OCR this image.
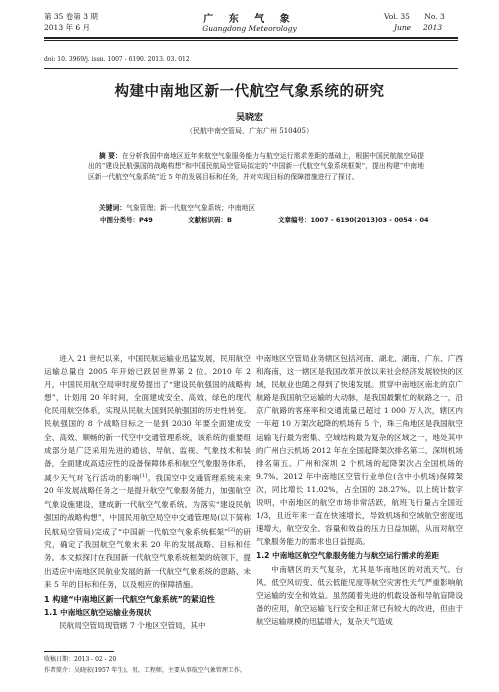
第 35 卷第 3 期
2013 年 6 月
广 东 气 象
Guangdong Meteorology
Vol. 35      No. 3
June     2013
doi: 10. 3969/j. issn. 1007 - 6190. 2013. 03. 012
构建中南地区新一代航空气象系统的研究
吴晓宏
（民航中南空管局，广东广州 510405）
摘 要：在分析我国中南地区近年来航空气象服务能力与航空运行需求差距的基础上，根据中国民航航空局提出的“建设民航强国的战略构想”和中国民航局空管局拟定的“中国新一代航空气象系统框架”，提出构建“中南地区新一代航空气象系统”近 5 年的发展目标和任务，并对实现目标的保障措施进行了探讨。
关键词：气象管理；新一代航空气象系统；中南地区
中图分类号：P49	文献标识码：B	文章编号：1007 - 6190(2013)03 - 0054 - 04

进入 21 世纪以来，中国民航运输业迅猛发展，民用航空运输总量自 2005 年开始已跃居世界第 2 位。2010 年 2 月，中国民用航空局审时度势提出了“建设民航强国的战略构想”，计划用 20 年时间，全面建成安全、高效、绿色的现代化民用航空体系，实现从民航大国到民航强国的历史性转变。民航强国的 8 个战略目标之一是到 2030 年要全面建成安全、高效、顺畅的新一代空中交通管理系统，该系统的重要组成部分是广泛采用先进的通信、导航、监视、气象技术和装备，全面建成高适应性的设备保障体系和航空气象服务体系，减少天气对飞行活动的影响[1]。我国空中交通管理系统未来 20 年发展战略任务之一是提升航空气象服务能力，加强航空气象设施建设，建成新一代航空气象系统。为落实“建设民航强国的战略构想”，中国民用航空局空中交通管理局(以下简称民航局空管局)完成了“中国新一代航空气象系统框架”[2]的研究，确定了我国航空气象未来 20 年的发展战略、目标和任务。本文拟探讨在我国新一代航空气象系统框架的统领下，提出适应中南地区民航业发展的新一代航空气象系统的思路、未来 5 年的目标和任务，以及相应的保障措施。

1 构建“中南地区新一代航空气象系统”的紧迫性
1.1 中南地区航空运输业务现状

民航局空管局现管辖 7 个地区空管局，其中

中南地区空管局业务辖区包括河南、湖北、湖南、广东、广西和海南，这一辖区是我国改革开放以来社会经济发展较快的区域，民航业也随之得到了快速发展。贯穿中南地区南北的京广航路是我国航空运输的大动脉，是我国最繁忙的航路之一，沿京广航路的客座率和交通流量已超过 1 000 万人次，辖区内一年超 10 万架次起降的机场有 5 个，珠三角地区是我国航空运输飞行最为密集、空域结构最为复杂的区域之一，地处其中的广州白云机场 2012 年在全国起降架次排名第二，深圳机场排名第五。广州和深圳 2 个机场的起降架次占全国机场的 9.7%。2012 年中南地区空管行业单位(含中小机场)保障架次，同比增长 11.02%，占全国的 28.27%。以上统计数字说明，中南地区的航空市场非常活跃，航班飞行量占全国近 1/3，且近年来一直在快速增长，导致机场和空域航空密度迅速增大，航空安全、容量和效益的压力日益加剧，从而对航空气象服务能力的需求也日益提高。

1.2 中南地区航空气象服务能力与航空运行需求的差距

中南辖区的天气复杂，尤其是华南地区的对流天气、台风、低空风切变、低云低能见度等航空灾害性天气严重影响航空运输的安全和效益。虽然随着先进的机载设备和导航盲降设备的应用，航空运输飞行安全和正常已有较大的改进，但由于航空运输规模的迅猛增大，复杂天气造成

收稿日期：2013 - 02 - 20
作者简介：吴晓宏(1957 年生)，男，工程师，主要从事航空气象管理工作。
